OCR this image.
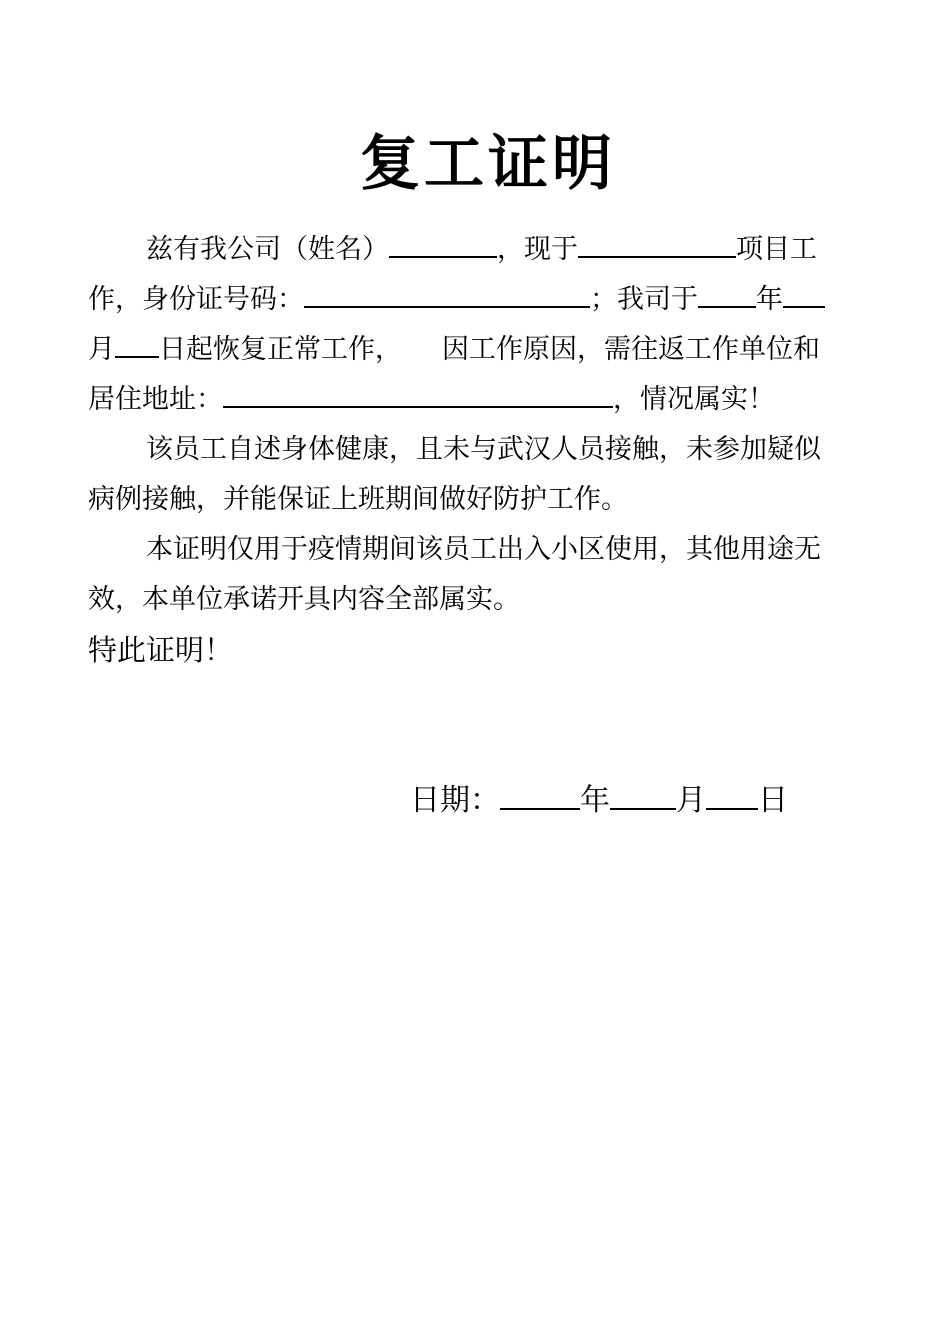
复工证明
兹有我公司（姓名）	，现于	项目工
作，身份证号码：	；我司于 年
月 日起恢复正常工作， 因工作原因，需往返工作单位和
居住地址：	，情况属实！
该员工自述身体健康，且未与武汉人员接触，未参加疑似
病例接触，并能保证上班期间做好防护工作。
本证明仅用于疫情期间该员工出入小区使用，其他用途无
效，本单位承诺开具内容全部属实。
特此证明！
日期：	年 月 日
